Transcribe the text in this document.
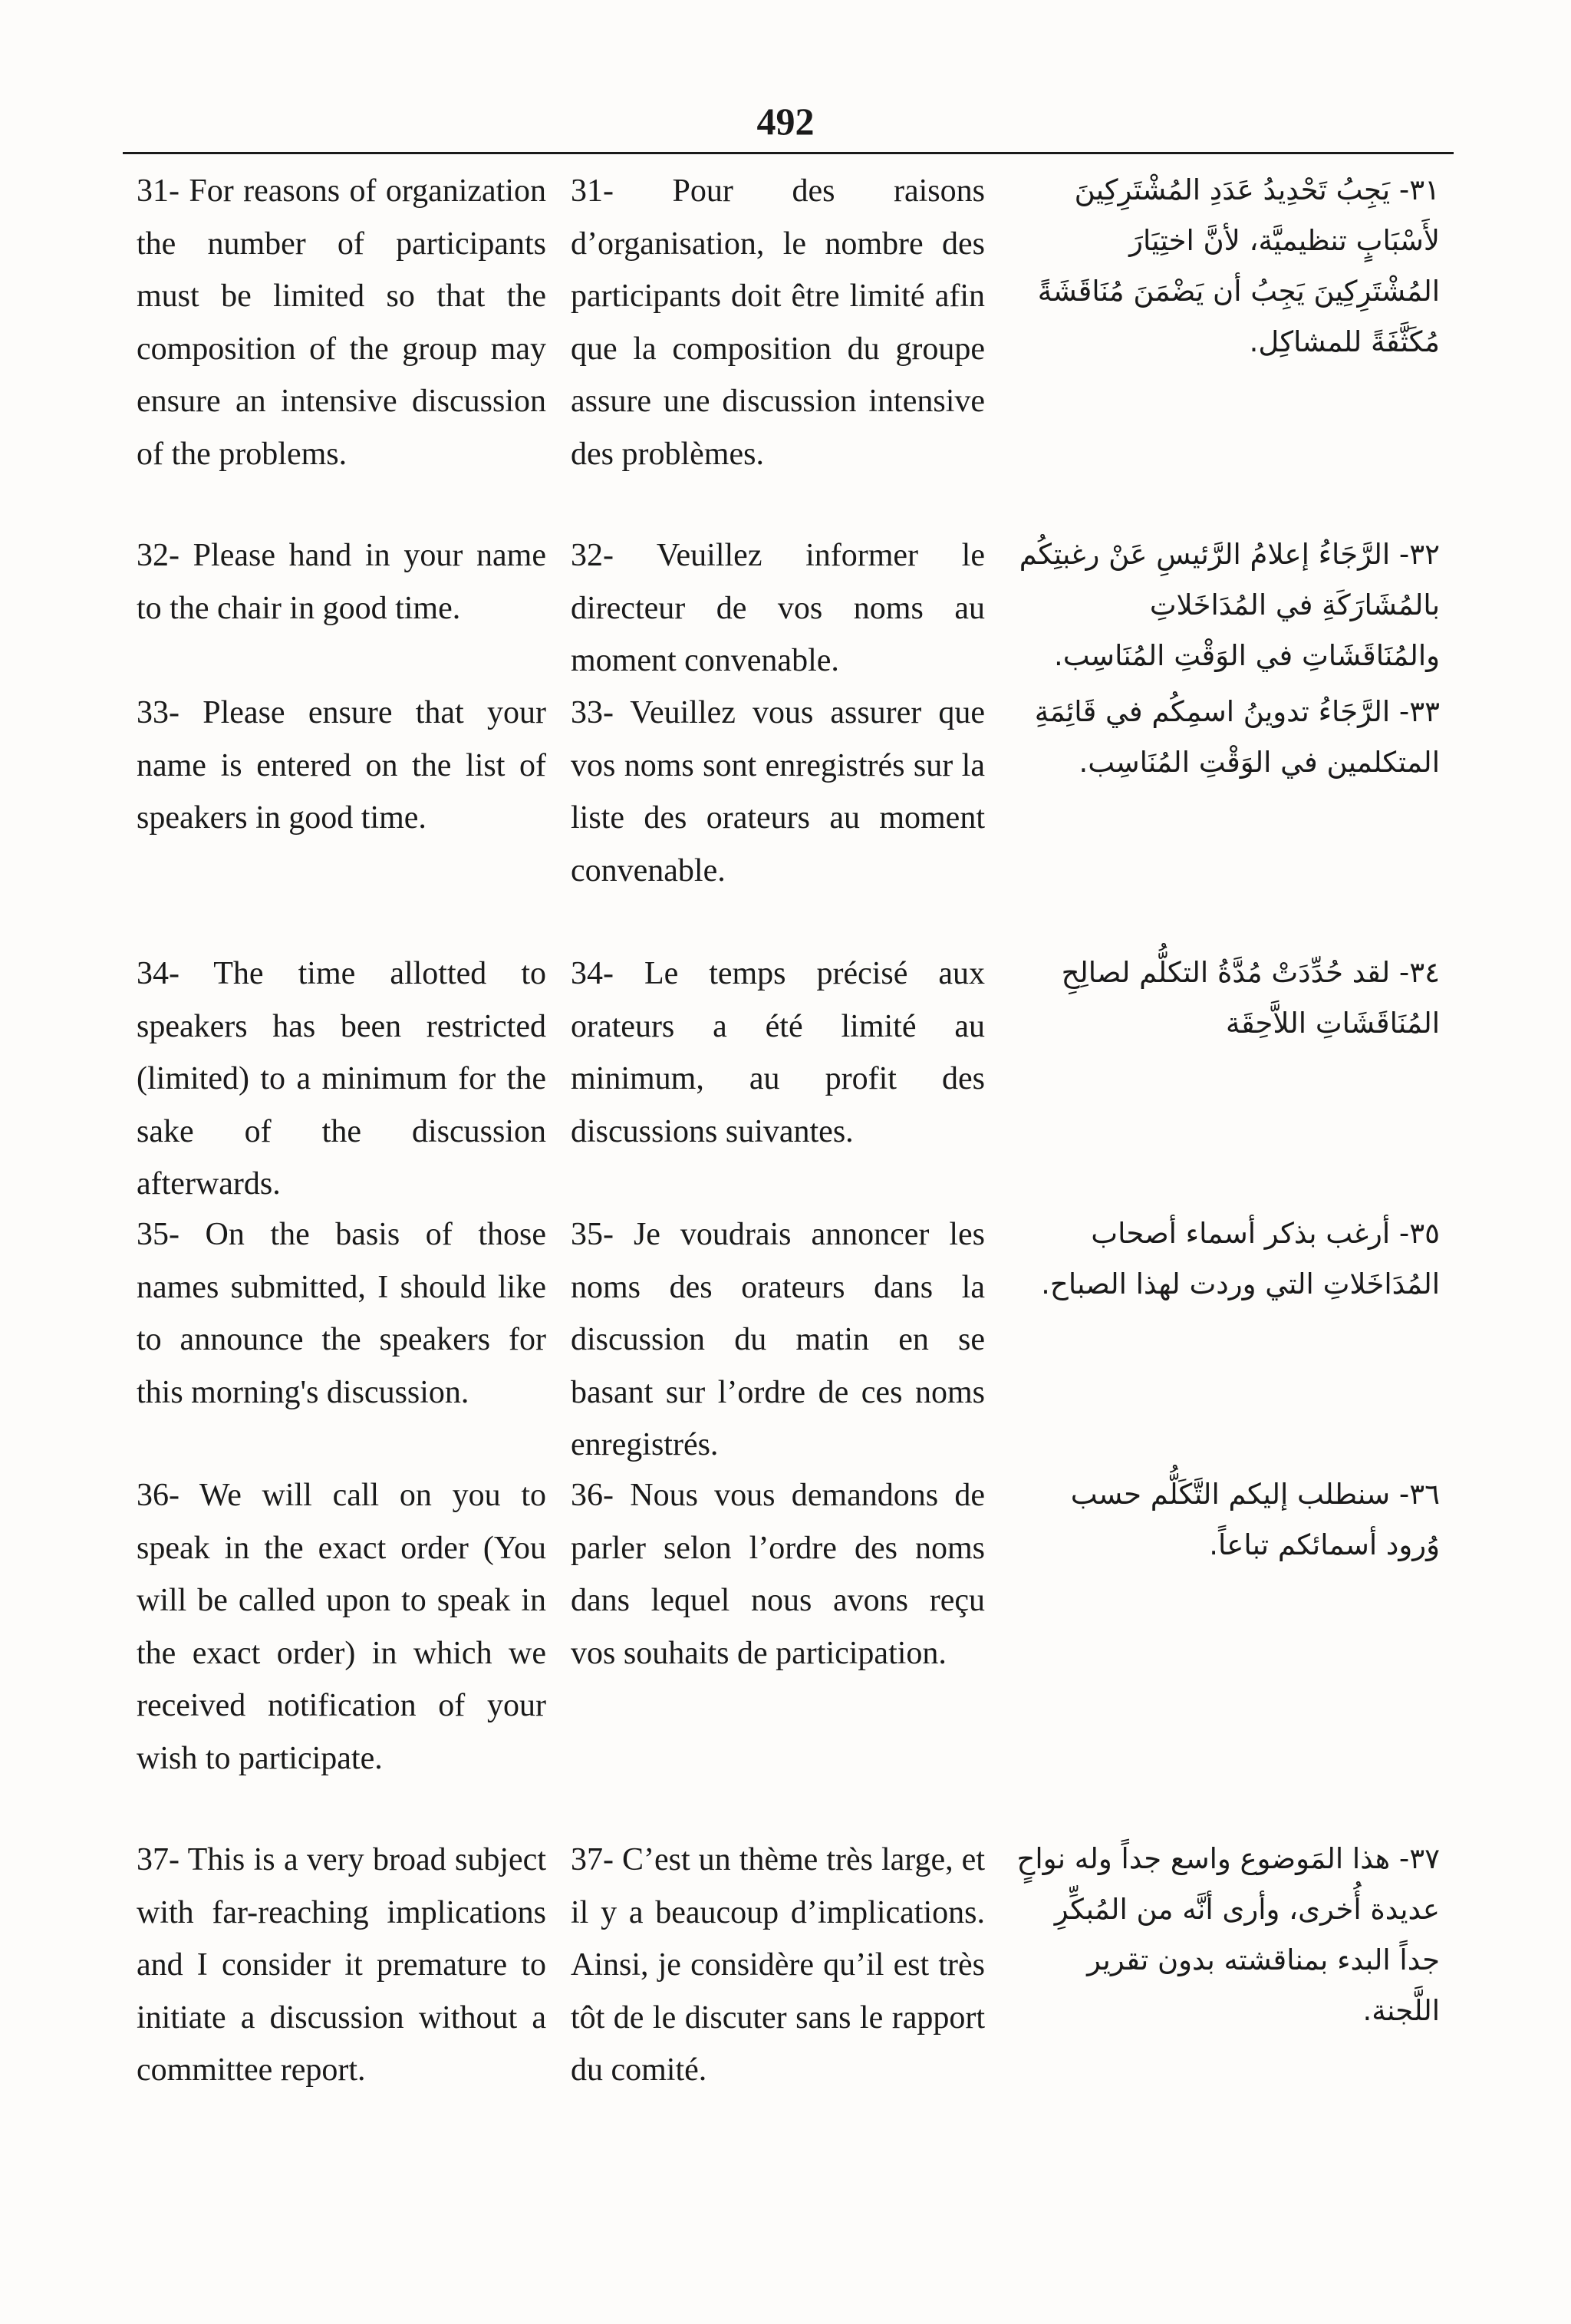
492
31- For reasons of organization the number of participants must be limited so that the composition of the group may ensure an intensive discussion of the problems.
31- Pour des raisons d’organisation, le nombre des participants doit être limité afin que la composition du groupe assure une discussion intensive des problèmes.
٣١- يَجِبُ تَحْدِيدُ عَدَدِ المُشْتَرِكِينَ لأَسْبَابٍ تنظيميَّة، لأنَّ اختِيَارَ المُشْتَرِكِينَ يَجِبُ أن يَضْمَنَ مُنَاقَشَةً مُكَثَّفَةً للمشاكِل.
32- Please hand in your name to the chair in good time.
32- Veuillez informer le directeur de vos noms au moment convenable.
٣٢- الرَّجَاءُ إعلامُ الرَّئيسِ عَنْ رغبتِكُم بالمُشَارَكَةِ في المُدَاخَلاتِ والمُنَاقَشَاتِ في الوَقْتِ المُنَاسِب.
33- Please ensure that your name is entered on the list of speakers in good time.
33- Veuillez vous assurer que vos noms sont enregistrés sur la liste des orateurs au moment convenable.
٣٣- الرَّجَاءُ تدوينُ اسمِكُم في قَائِمَةِ المتكلمين في الوَقْتِ المُنَاسِب.
34- The time allotted to speakers has been restricted (limited) to a minimum for the sake of the discussion afterwards.
34- Le temps précisé aux orateurs a été limité au minimum, au profit des discussions suivantes.
٣٤- لقد حُدِّدَتْ مُدَّةُ التكلُّم لصالِحِ المُنَاقَشَاتِ اللاَّحِقَة
35- On the basis of those names submitted, I should like to announce the speakers for this morning's discussion.
35- Je voudrais annoncer les noms des orateurs dans la discussion du matin en se basant sur l’ordre de ces noms enregistrés.
٣٥- أرغب بذكر أسماء أصحاب المُدَاخَلاتِ التي وردت لهذا الصباح.
36- We will call on you to speak in the exact order (You will be called upon to speak in the exact order) in which we received notification of your wish to participate.
36- Nous vous demandons de parler selon l’ordre des noms dans lequel nous avons reçu vos souhaits de participation.
٣٦- سنطلب إليكم التَّكَلُّم حسب وُرود أسمائكم تباعاً.
37- This is a very broad subject with far-reaching implications and I consider it premature to initiate a discussion without a committee report.
37- C’est un thème très large, et il y a beaucoup d’implications. Ainsi, je considère qu’il est très tôt de le discuter sans le rapport du comité.
٣٧- هذا المَوضوع واسع جداً وله نواحٍ عديدة أُخرى، وأرى أنَّه من المُبكِّرِ جداً البدء بمناقشته بدون تقرير اللَّجنة.
